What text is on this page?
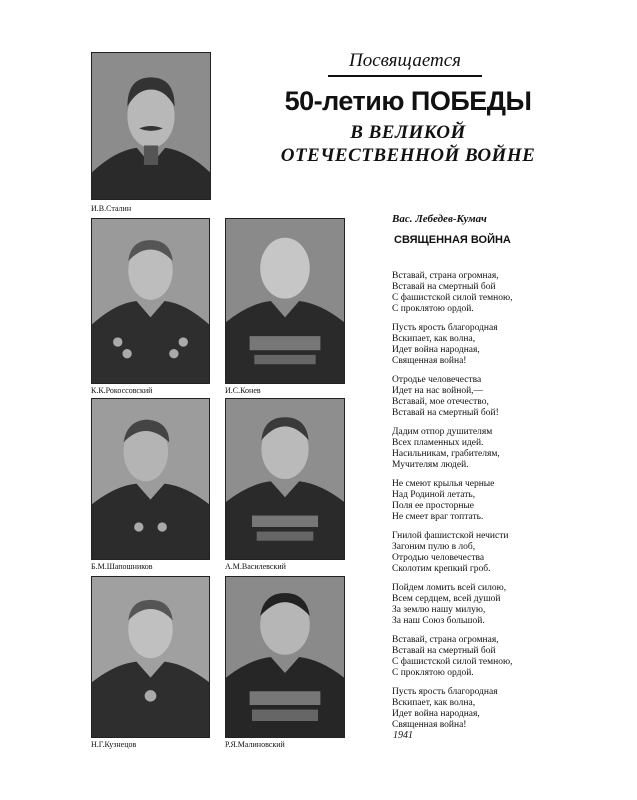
Посвящается
50-летию ПОБЕДЫ
В ВЕЛИКОЙ
ОТЕЧЕСТВЕННОЙ ВОЙНЕ
И.В.Сталин
К.К.Рокоссовский	И.С.Конев
Б.М.Шапошников	А.М.Василевский
Н.Г.Кузнецов	Р.Я.Малиновский
Вас. Лебедев-Кумач
СВЯЩЕННАЯ ВОЙНА
Вставай, страна огромная,
Вставай на смертный бой
С фашистской силой темною,
С проклятою ордой.
Пусть ярость благородная
Вскипает, как волна,
Идет война народная,
Священная война!
Отродье человечества
Идет на нас войной,—
Вставай, мое отечество,
Вставай на смертный бой!
Дадим отпор душителям
Всех пламенных идей.
Насильникам, грабителям,
Мучителям людей.
Не смеют крылья черные
Над Родиной летать,
Поля ее просторные
Не смеет враг топтать.
Гнилой фашистской нечисти
Загоним пулю в лоб,
Отродью человечества
Сколотим крепкий гроб.
Пойдем ломить всей силою,
Всем сердцем, всей душой
За землю нашу милую,
За наш Союз большой.
Вставай, страна огромная,
Вставай на смертный бой
С фашистской силой темною,
С проклятою ордой.
Пусть ярость благородная
Вскипает, как волна,
Идет война народная,
Священная война!
1941
